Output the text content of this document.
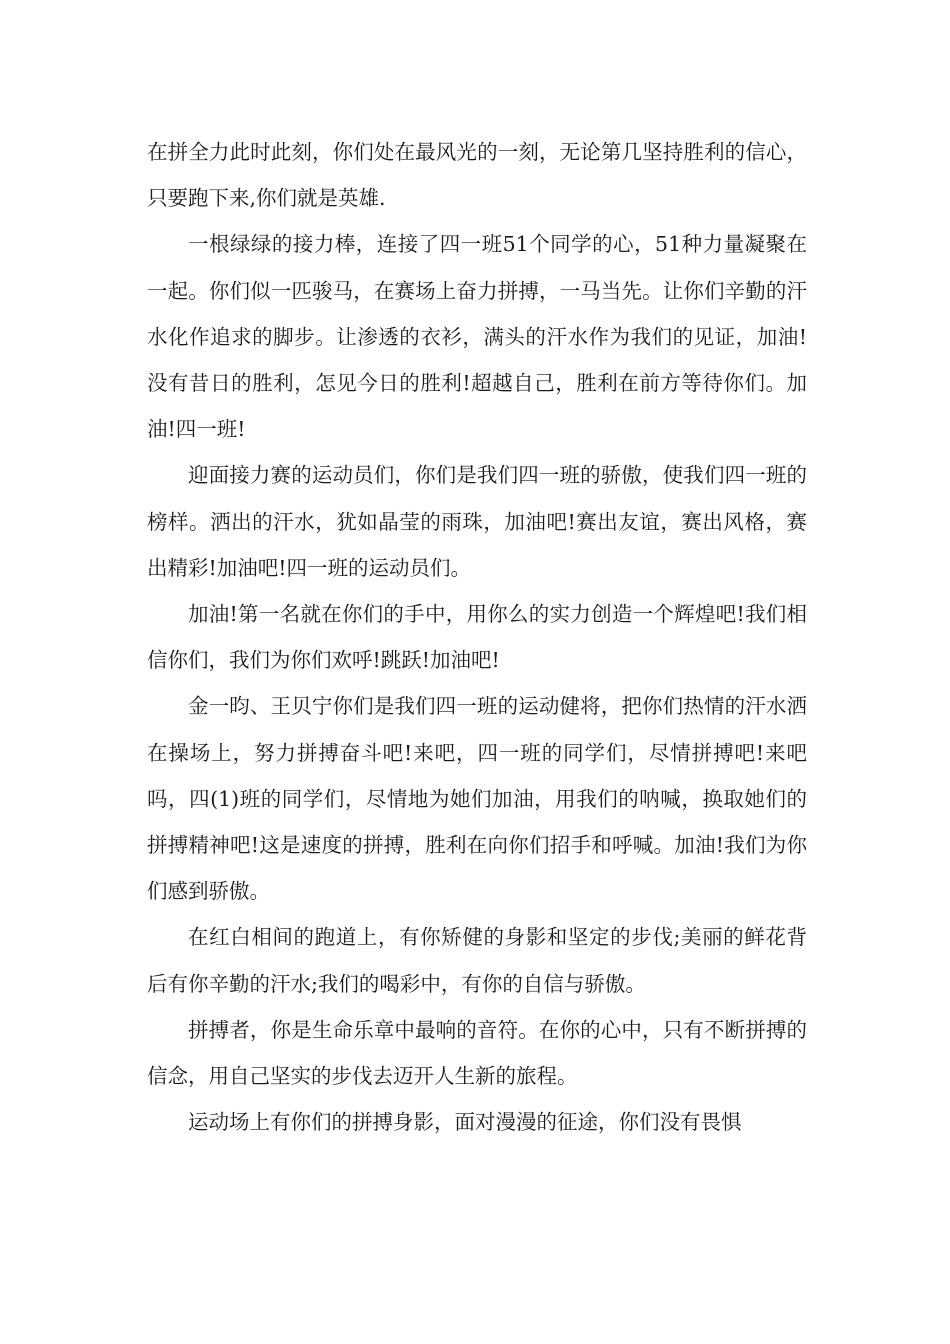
在拼全力此时此刻，你们处在最风光的一刻，无论第几坚持胜利的信心，只要跑下来,你们就是英雄.

一根绿绿的接力棒，连接了四一班51个同学的心，51种力量凝聚在一起。你们似一匹骏马，在赛场上奋力拼搏，一马当先。让你们辛勤的汗水化作追求的脚步。让渗透的衣衫，满头的汗水作为我们的见证，加油!没有昔日的胜利，怎见今日的胜利!超越自己，胜利在前方等待你们。加油!四一班!

迎面接力赛的运动员们，你们是我们四一班的骄傲，使我们四一班的榜样。洒出的汗水，犹如晶莹的雨珠，加油吧!赛出友谊，赛出风格，赛出精彩!加油吧!四一班的运动员们。

加油!第一名就在你们的手中，用你么的实力创造一个辉煌吧!我们相信你们，我们为你们欢呼!跳跃!加油吧!

金一昀、王贝宁你们是我们四一班的运动健将，把你们热情的汗水洒在操场上，努力拼搏奋斗吧!来吧，四一班的同学们，尽情拼搏吧!来吧吗，四(1)班的同学们，尽情地为她们加油，用我们的呐喊，换取她们的拼搏精神吧!这是速度的拼搏，胜利在向你们招手和呼喊。加油!我们为你们感到骄傲。

在红白相间的跑道上，有你矫健的身影和坚定的步伐;美丽的鲜花背后有你辛勤的汗水;我们的喝彩中，有你的自信与骄傲。

拼搏者，你是生命乐章中最响的音符。在你的心中，只有不断拼搏的信念，用自己坚实的步伐去迈开人生新的旅程。

运动场上有你们的拼搏身影，面对漫漫的征途，你们没有畏惧
